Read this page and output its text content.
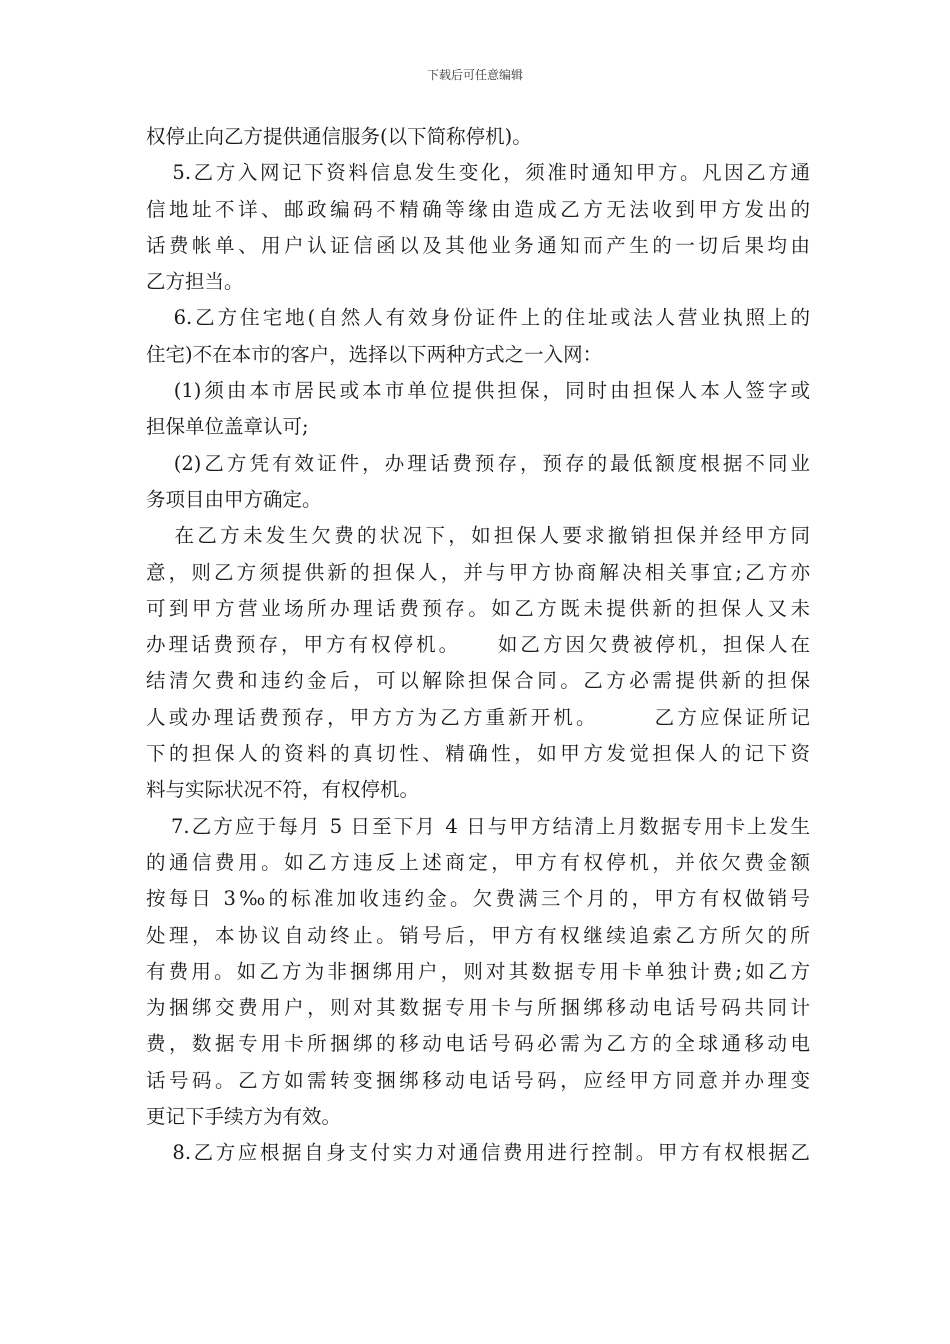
下载后可任意编辑
权停止向乙方提供通信服务(以下简称停机)。
5.乙方入网记下资料信息发生变化，须准时通知甲方。凡因乙方通
信地址不详、邮政编码不精确等缘由造成乙方无法收到甲方发出的
话费帐单、用户认证信函以及其他业务通知而产生的一切后果均由
乙方担当。
6.乙方住宅地(自然人有效身份证件上的住址或法人营业执照上的
住宅)不在本市的客户，选择以下两种方式之一入网：
(1)须由本市居民或本市单位提供担保，同时由担保人本人签字或
担保单位盖章认可;
(2)乙方凭有效证件，办理话费预存，预存的最低额度根据不同业
务项目由甲方确定。
在乙方未发生欠费的状况下，如担保人要求撤销担保并经甲方同
意，则乙方须提供新的担保人，并与甲方协商解决相关事宜;乙方亦
可到甲方营业场所办理话费预存。如乙方既未提供新的担保人又未
办理话费预存，甲方有权停机。    如乙方因欠费被停机，担保人在
结清欠费和违约金后，可以解除担保合同。乙方必需提供新的担保
人或办理话费预存，甲方方为乙方重新开机。      乙方应保证所记
下的担保人的资料的真切性、精确性，如甲方发觉担保人的记下资
料与实际状况不符，有权停机。
7.乙方应于每月 5 日至下月 4 日与甲方结清上月数据专用卡上发生
的通信费用。如乙方违反上述商定，甲方有权停机，并依欠费金额
按每日 3‰的标准加收违约金。欠费满三个月的，甲方有权做销号
处理，本协议自动终止。销号后，甲方有权继续追索乙方所欠的所
有费用。如乙方为非捆绑用户，则对其数据专用卡单独计费;如乙方
为捆绑交费用户，则对其数据专用卡与所捆绑移动电话号码共同计
费，数据专用卡所捆绑的移动电话号码必需为乙方的全球通移动电
话号码。乙方如需转变捆绑移动电话号码，应经甲方同意并办理变
更记下手续方为有效。
8.乙方应根据自身支付实力对通信费用进行控制。甲方有权根据乙
